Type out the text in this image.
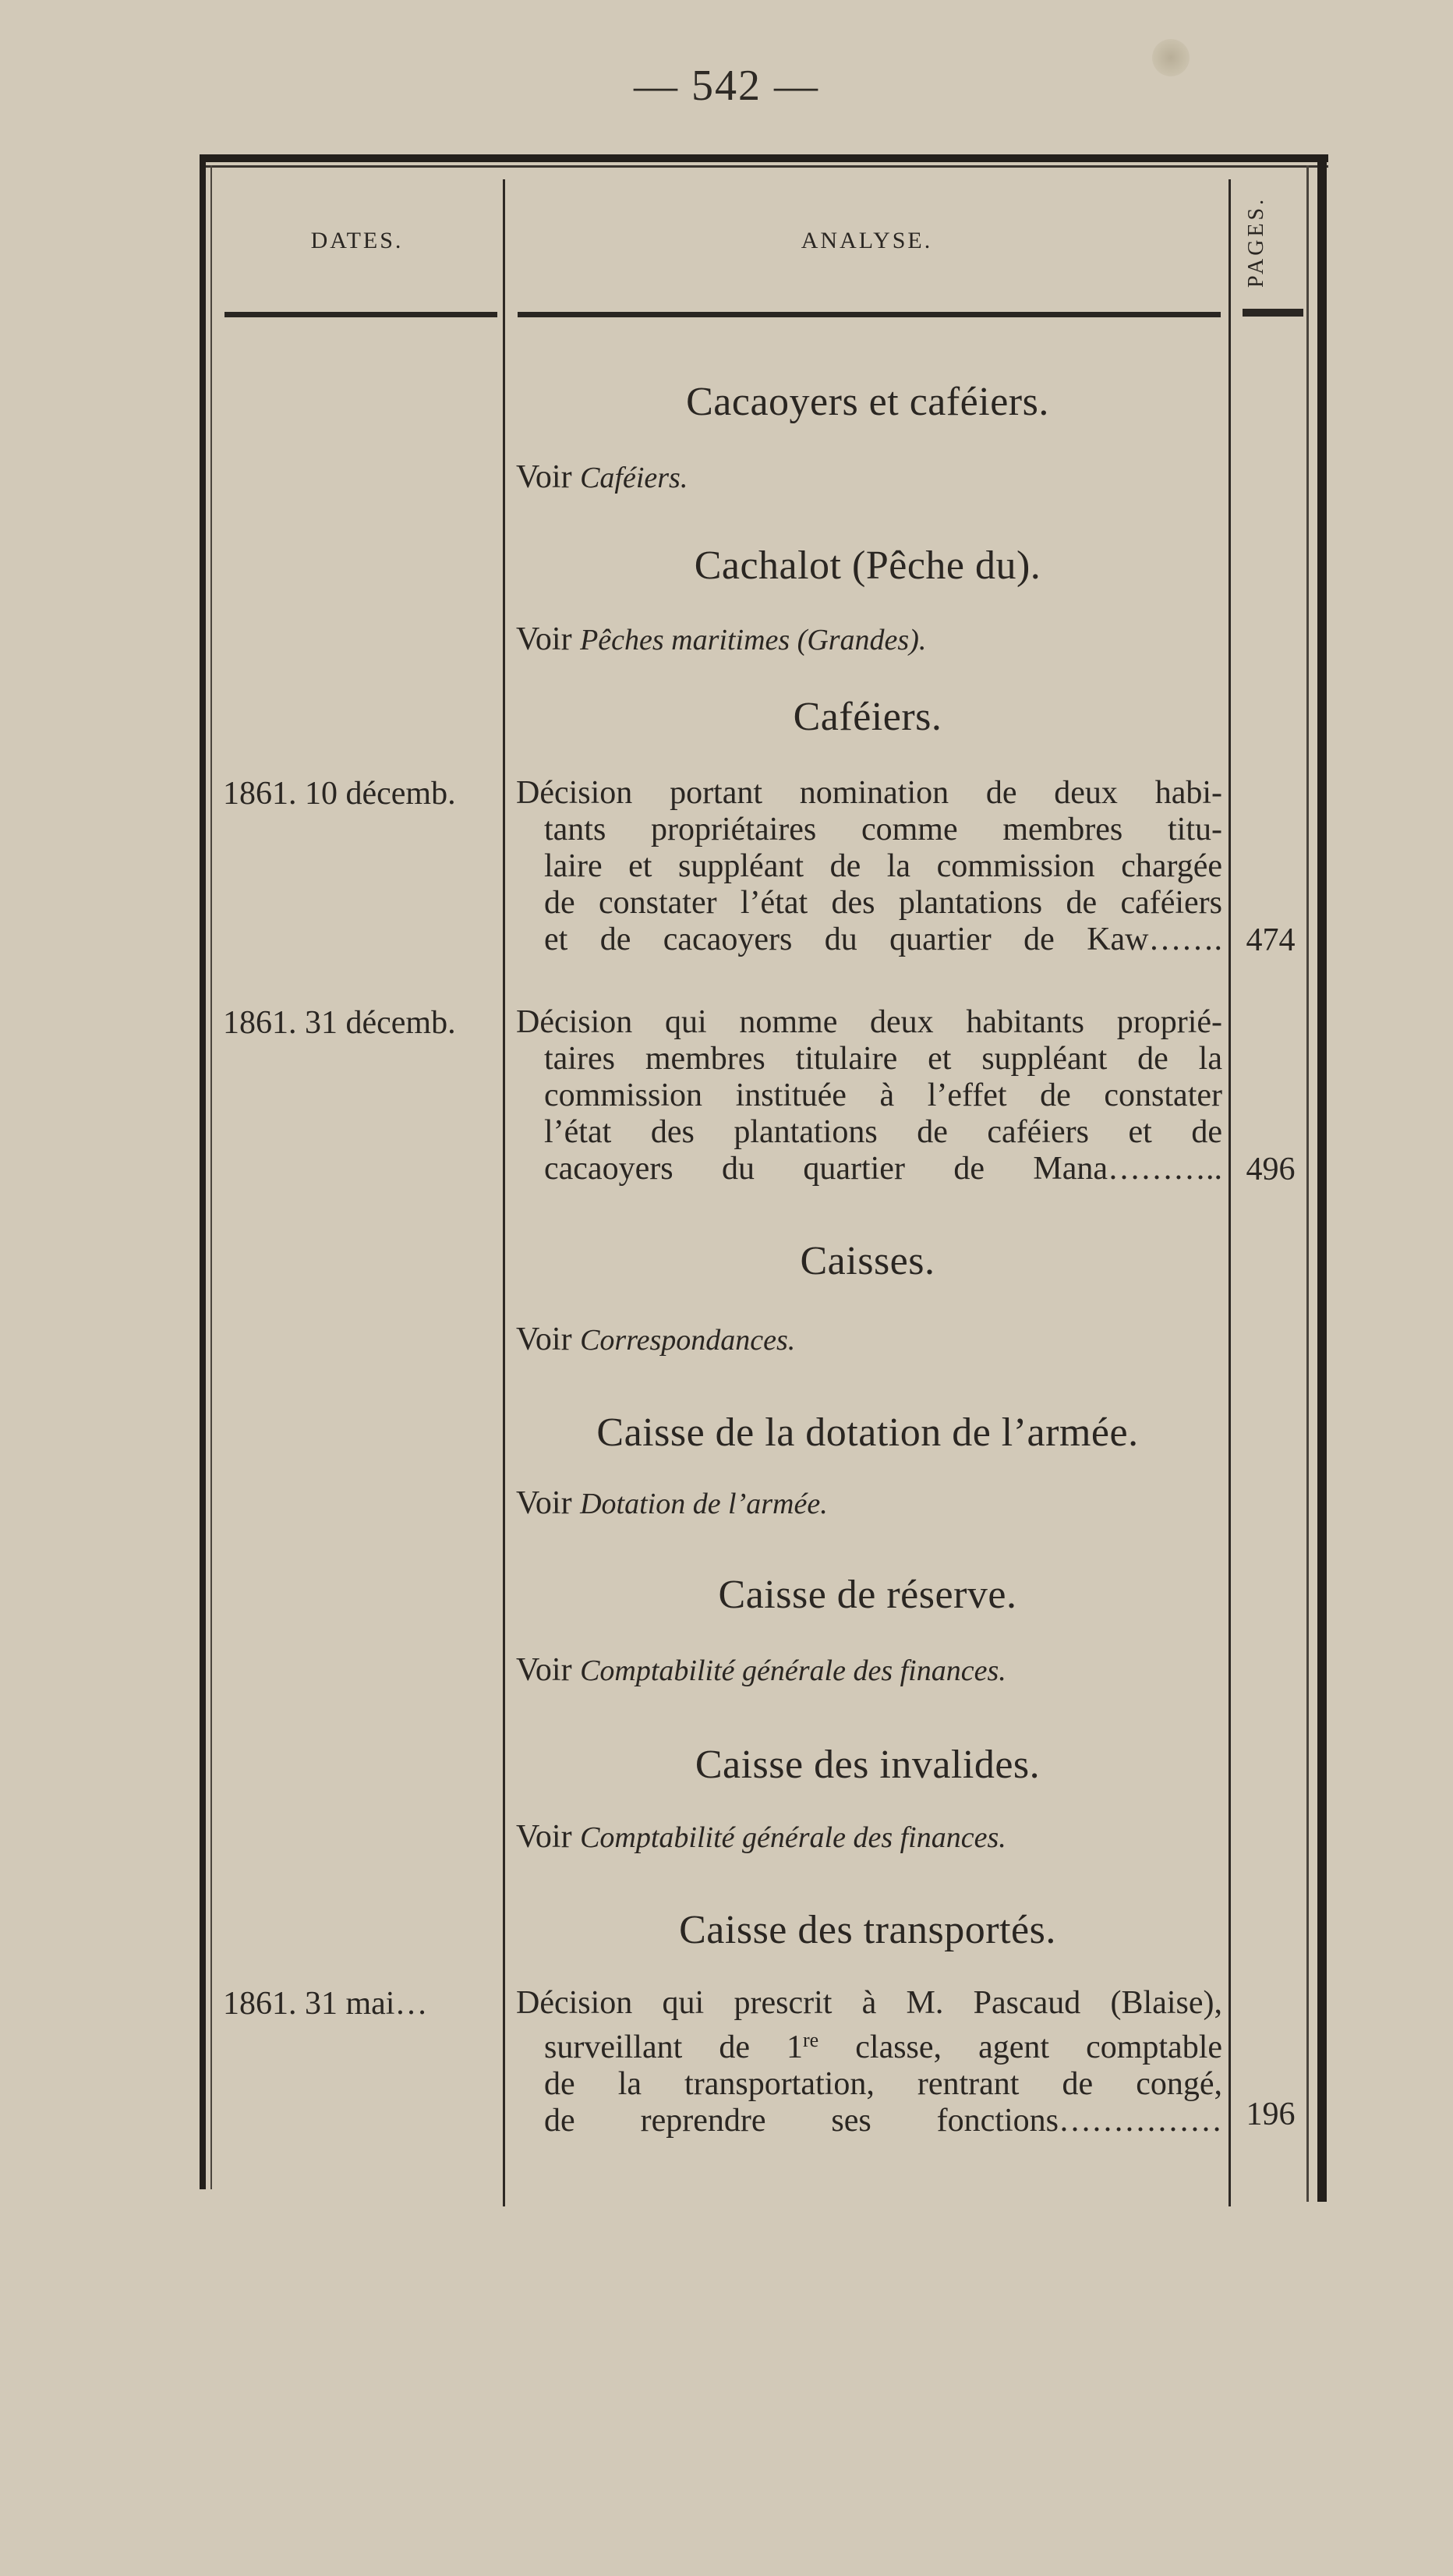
— 542 —
DATES.	ANALYSE.	PAGES.
Cacaoyers et caféiers.
Voir Caféiers.
Cachalot (Pêche du).
Voir Pêches maritimes (Grandes).
Caféiers.
1861. 10 décemb.	Décision portant nomination de deux habi-
tants propriétaires comme membres titu-
laire et suppléant de la commission chargée
de constater l’état des plantations de caféiers
et de cacaoyers du quartier de Kaw……. 474
1861. 31 décemb.	Décision qui nomme deux habitants proprié-
taires membres titulaire et suppléant de la
commission instituée à l’effet de constater
l’état des plantations de caféiers et de
cacaoyers du quartier de Mana……….. 496
Caisses.
Voir Correspondances.
Caisse de la dotation de l’armée.
Voir Dotation de l’armée.
Caisse de réserve.
Voir Comptabilité générale des finances.
Caisse des invalides.
Voir Comptabilité générale des finances.
Caisse des transportés.
1861. 31 mai…	Décision qui prescrit à M. Pascaud (Blaise),
surveillant de 1re classe, agent comptable
de la transportation, rentrant de congé,
de reprendre ses fonctions…………… 196
